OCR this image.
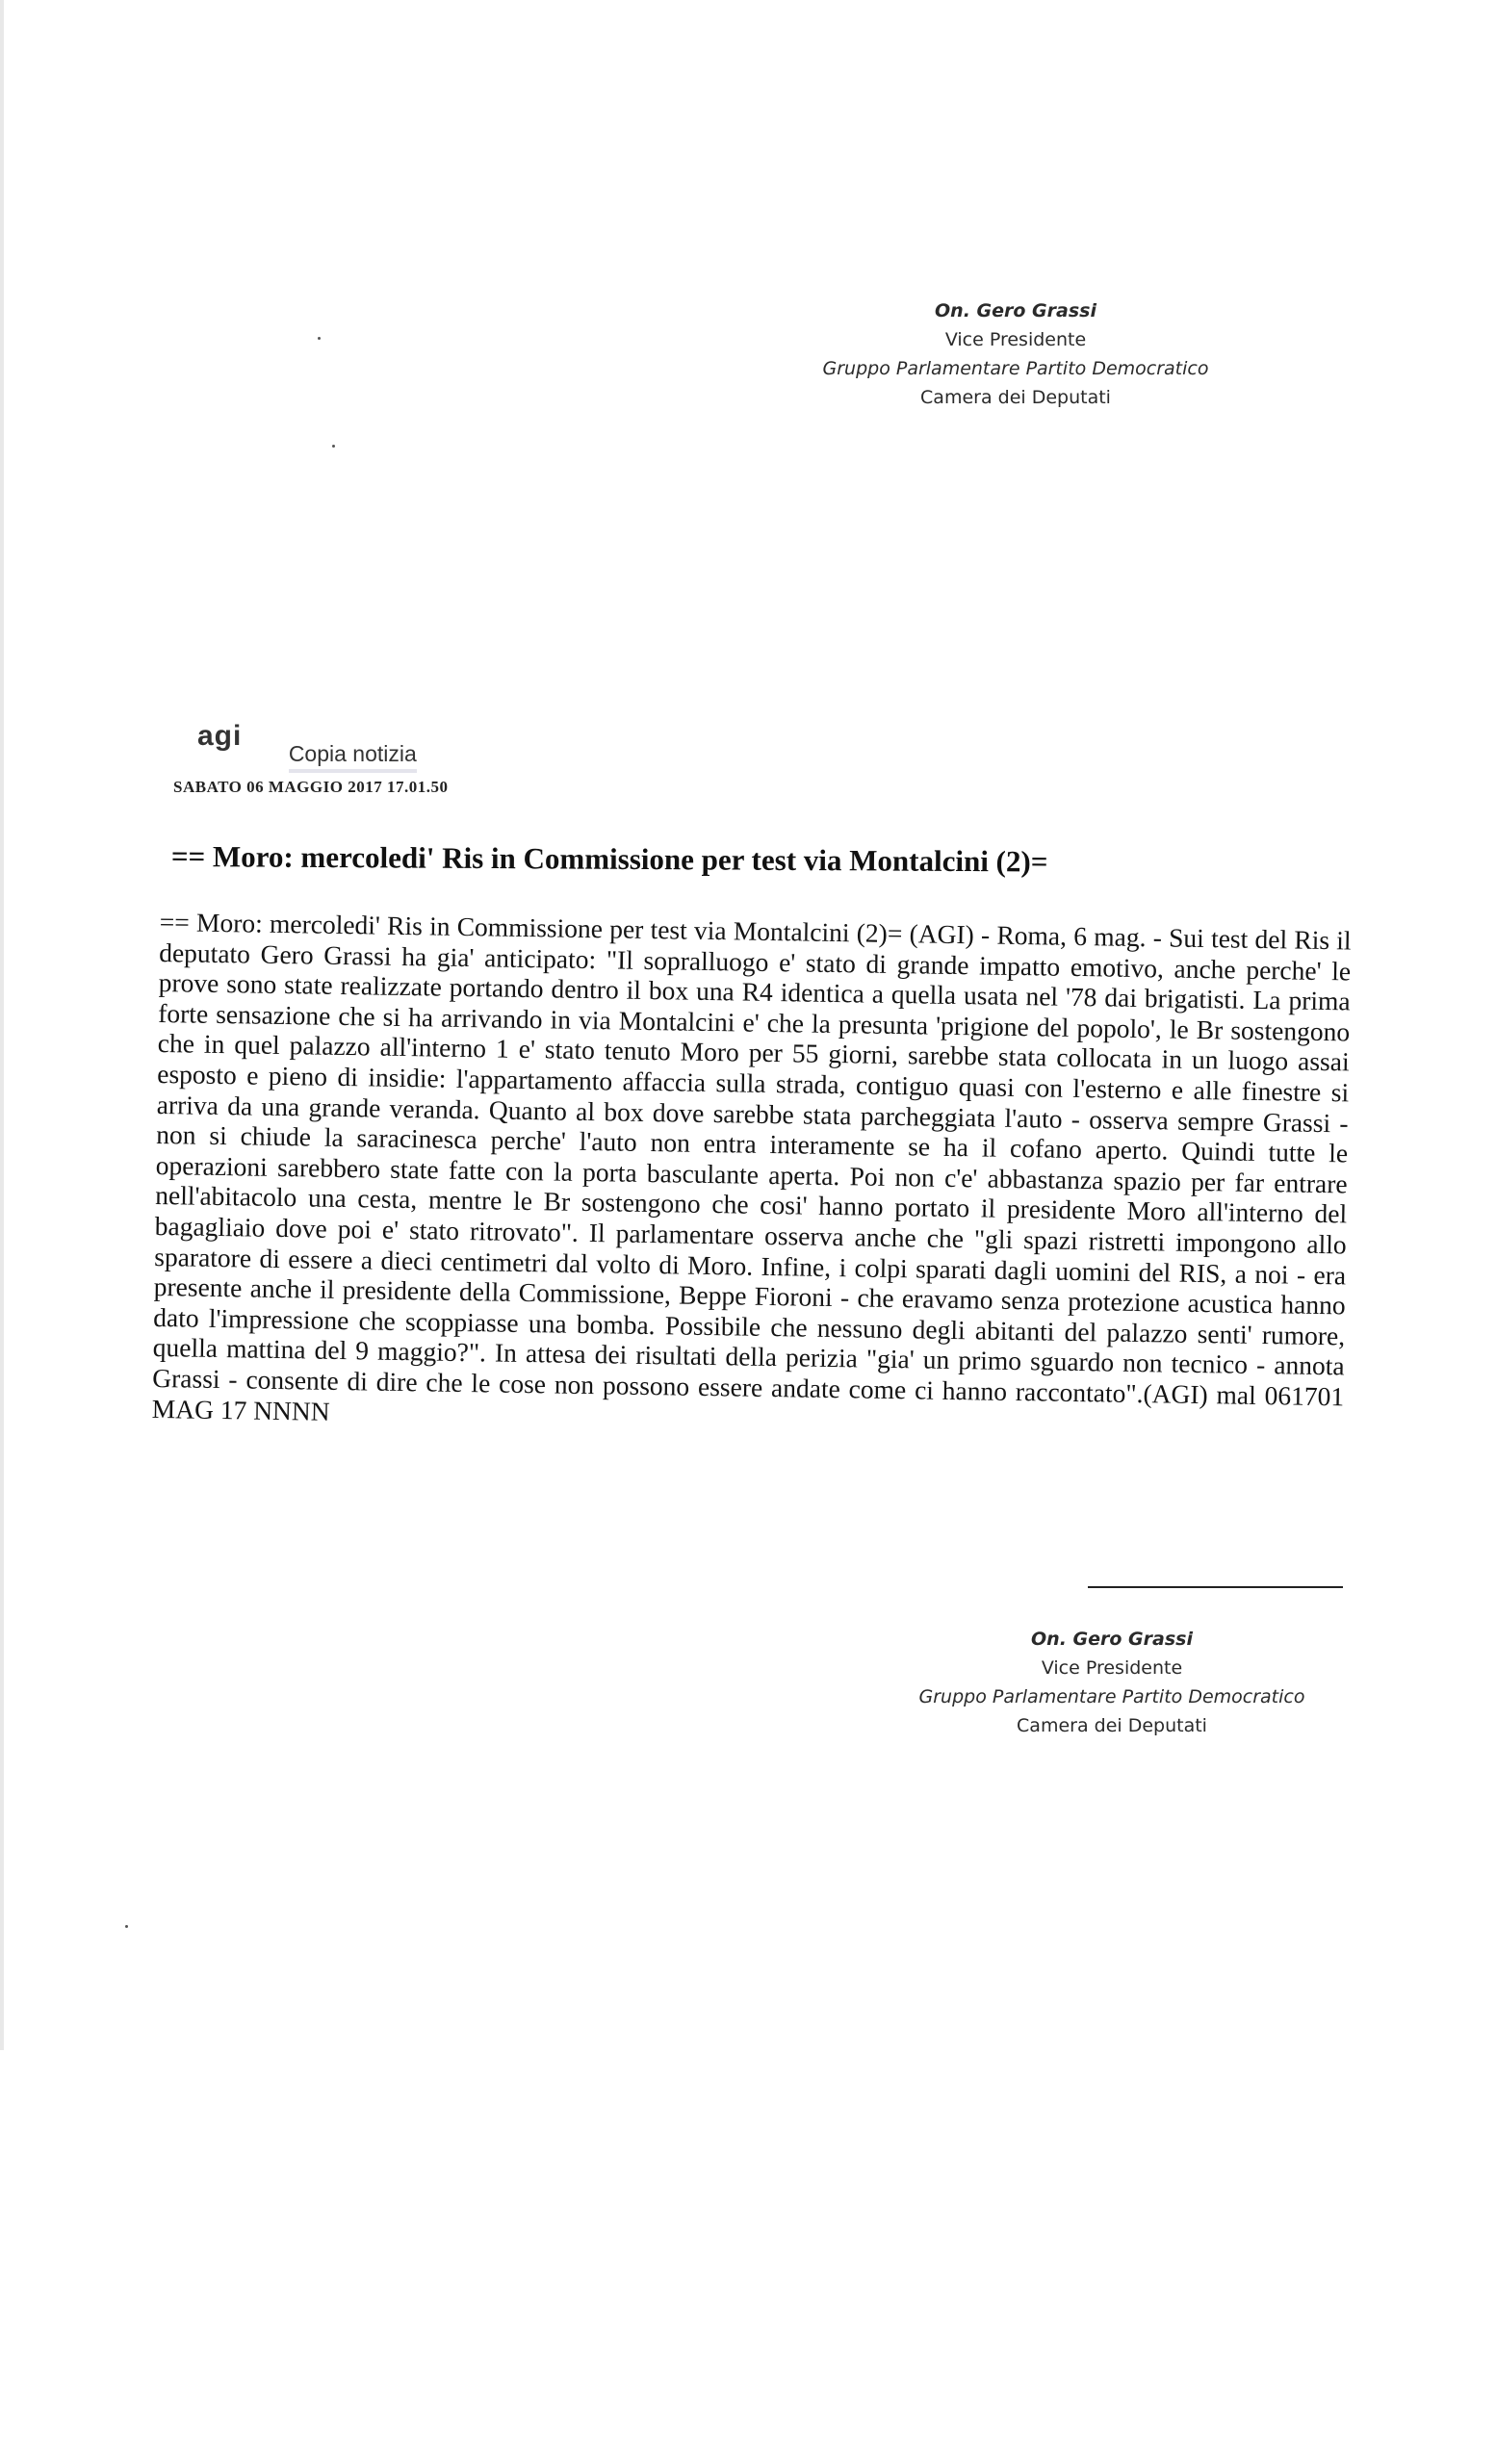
On. Gero Grassi
Vice Presidente
Gruppo Parlamentare Partito Democratico
Camera dei Deputati
agi Copia notizia
SABATO 06 MAGGIO 2017 17.01.50
== Moro: mercoledi' Ris in Commissione per test via Montalcini (2)=
== Moro: mercoledi' Ris in Commissione per test via Montalcini (2)= (AGI) - Roma, 6 mag. - Sui test del Ris il deputato Gero Grassi ha gia' anticipato: "Il sopralluogo e' stato di grande impatto emotivo, anche perche' le prove sono state realizzate portando dentro il box una R4 identica a quella usata nel '78 dai brigatisti. La prima forte sensazione che si ha arrivando in via Montalcini e' che la presunta 'prigione del popolo', le Br sostengono che in quel palazzo all'interno 1 e' stato tenuto Moro per 55 giorni, sarebbe stata collocata in un luogo assai esposto e pieno di insidie: l'appartamento affaccia sulla strada, contiguo quasi con l'esterno e alle finestre si arriva da una grande veranda. Quanto al box dove sarebbe stata parcheggiata l'auto - osserva sempre Grassi - non si chiude la saracinesca perche' l'auto non entra interamente se ha il cofano aperto. Quindi tutte le operazioni sarebbero state fatte con la porta basculante aperta. Poi non c'e' abbastanza spazio per far entrare nell'abitacolo una cesta, mentre le Br sostengono che cosi' hanno portato il presidente Moro all'interno del bagagliaio dove poi e' stato ritrovato". Il parlamentare osserva anche che "gli spazi ristretti impongono allo sparatore di essere a dieci centimetri dal volto di Moro. Infine, i colpi sparati dagli uomini del RIS, a noi - era presente anche il presidente della Commissione, Beppe Fioroni - che eravamo senza protezione acustica hanno dato l'impressione che scoppiasse una bomba. Possibile che nessuno degli abitanti del palazzo senti' rumore, quella mattina del 9 maggio?". In attesa dei risultati della perizia "gia' un primo sguardo non tecnico - annota Grassi - consente di dire che le cose non possono essere andate come ci hanno raccontato".(AGI) mal 061701 MAG 17 NNNN
On. Gero Grassi
Vice Presidente
Gruppo Parlamentare Partito Democratico
Camera dei Deputati
